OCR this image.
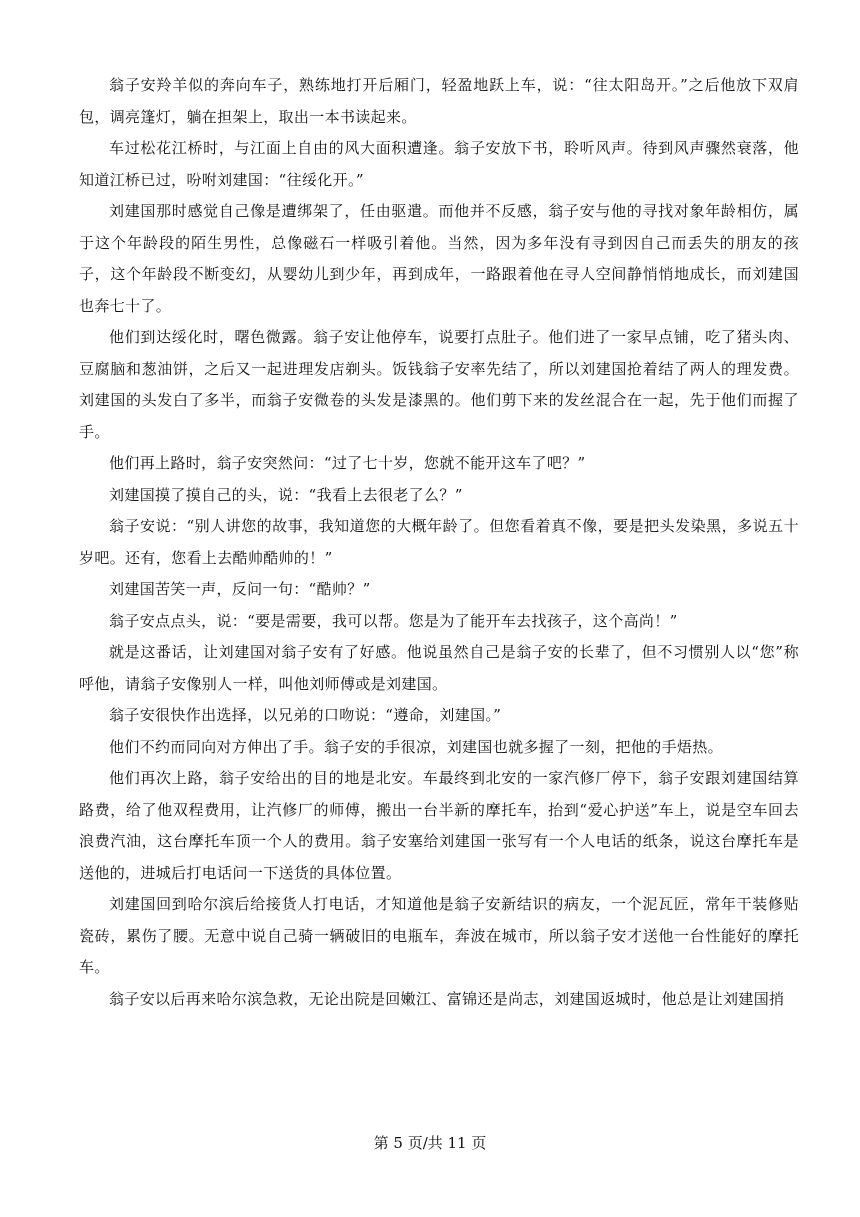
翁子安羚羊似的奔向车子，熟练地打开后厢门，轻盈地跃上车，说：“往太阳岛开。”之后他放下双肩包，调亮篷灯，躺在担架上，取出一本书读起来。

车过松花江桥时，与江面上自由的风大面积遭逢。翁子安放下书，聆听风声。待到风声骤然衰落，他知道江桥已过，吩咐刘建国：“往绥化开。”

刘建国那时感觉自己像是遭绑架了，任由驱遣。而他并不反感，翁子安与他的寻找对象年龄相仿，属于这个年龄段的陌生男性，总像磁石一样吸引着他。当然，因为多年没有寻到因自己而丢失的朋友的孩子，这个年龄段不断变幻，从婴幼儿到少年，再到成年，一路跟着他在寻人空间静悄悄地成长，而刘建国也奔七十了。

他们到达绥化时，曙色微露。翁子安让他停车，说要打点肚子。他们进了一家早点铺，吃了猪头肉、豆腐脑和葱油饼，之后又一起进理发店剃头。饭钱翁子安率先结了，所以刘建国抢着结了两人的理发费。刘建国的头发白了多半，而翁子安微卷的头发是漆黑的。他们剪下来的发丝混合在一起，先于他们而握了手。

他们再上路时，翁子安突然问：“过了七十岁，您就不能开这车了吧？”

刘建国摸了摸自己的头，说：“我看上去很老了么？”

翁子安说：“别人讲您的故事，我知道您的大概年龄了。但您看着真不像，要是把头发染黑，多说五十岁吧。还有，您看上去酷帅酷帅的！”

刘建国苦笑一声，反问一句：“酷帅？”

翁子安点点头，说：“要是需要，我可以帮。您是为了能开车去找孩子，这个高尚！”

就是这番话，让刘建国对翁子安有了好感。他说虽然自己是翁子安的长辈了，但不习惯别人以“您”称呼他，请翁子安像别人一样，叫他刘师傅或是刘建国。

翁子安很快作出选择，以兄弟的口吻说：“遵命，刘建国。”

他们不约而同向对方伸出了手。翁子安的手很凉，刘建国也就多握了一刻，把他的手焐热。

他们再次上路，翁子安给出的目的地是北安。车最终到北安的一家汽修厂停下，翁子安跟刘建国结算路费，给了他双程费用，让汽修厂的师傅，搬出一台半新的摩托车，抬到“爱心护送”车上，说是空车回去浪费汽油，这台摩托车顶一个人的费用。翁子安塞给刘建国一张写有一个人电话的纸条，说这台摩托车是送他的，进城后打电话问一下送货的具体位置。

刘建国回到哈尔滨后给接货人打电话，才知道他是翁子安新结识的病友，一个泥瓦匠，常年干装修贴瓷砖，累伤了腰。无意中说自己骑一辆破旧的电瓶车，奔波在城市，所以翁子安才送他一台性能好的摩托车。

翁子安以后再来哈尔滨急救，无论出院是回嫩江、富锦还是尚志，刘建国返城时，他总是让刘建国捎

第 5 页/共 11 页
